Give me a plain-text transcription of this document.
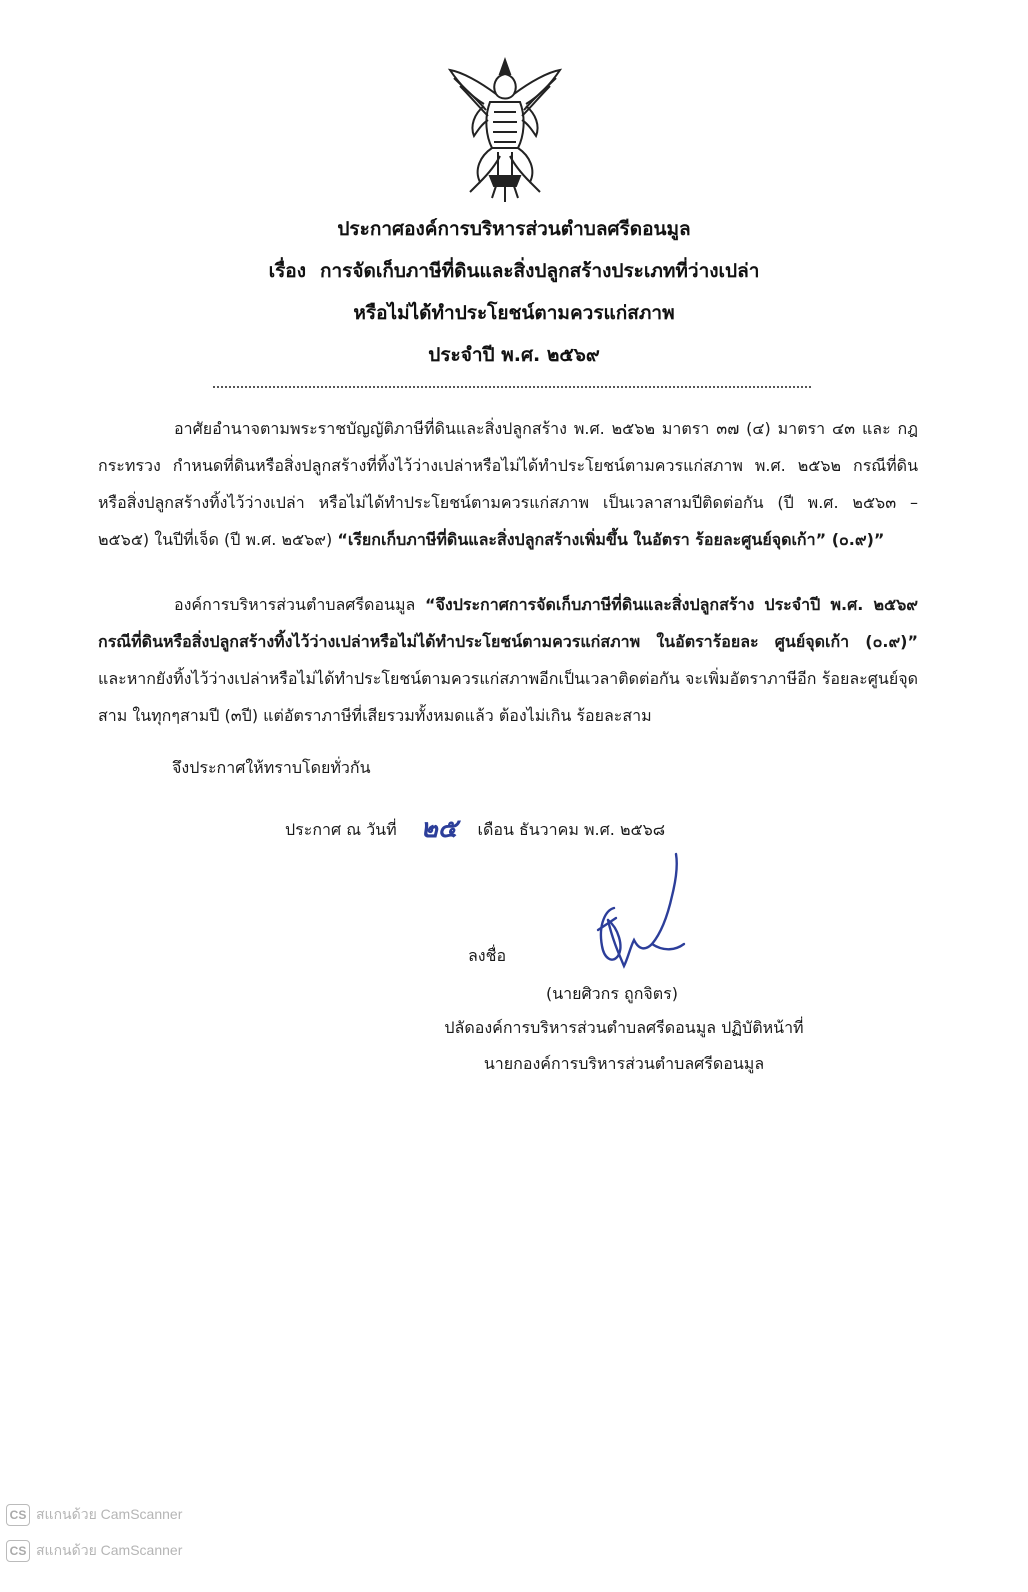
ประกาศองค์การบริหารส่วนตำบลศรีดอนมูล
เรื่อง การจัดเก็บภาษีที่ดินและสิ่งปลูกสร้างประเภทที่ว่างเปล่า
หรือไม่ได้ทำประโยชน์ตามควรแก่สภาพ
ประจำปี พ.ศ. ๒๕๖๙
อาศัยอำนาจตามพระราชบัญญัติภาษีที่ดินและสิ่งปลูกสร้าง พ.ศ. ๒๕๖๒ มาตรา ๓๗ (๔) มาตรา ๔๓ และ กฎกระทรวง กำหนดที่ดินหรือสิ่งปลูกสร้างที่ทิ้งไว้ว่างเปล่าหรือไม่ได้ทำประโยชน์ตามควรแก่สภาพ พ.ศ. ๒๕๖๒ กรณีที่ดินหรือสิ่งปลูกสร้างทิ้งไว้ว่างเปล่า หรือไม่ได้ทำประโยชน์ตามควรแก่สภาพ เป็นเวลาสามปีติดต่อกัน (ปี พ.ศ. ๒๕๖๓ – ๒๕๖๕) ในปีที่เจ็ด (ปี พ.ศ. ๒๕๖๙) “เรียกเก็บภาษีที่ดินและสิ่งปลูกสร้างเพิ่มขึ้น ในอัตรา ร้อยละศูนย์จุดเก้า” (๐.๙)”
องค์การบริหารส่วนตำบลศรีดอนมูล “จึงประกาศการจัดเก็บภาษีที่ดินและสิ่งปลูกสร้าง ประจำปี พ.ศ. ๒๕๖๙ กรณีที่ดินหรือสิ่งปลูกสร้างทิ้งไว้ว่างเปล่าหรือไม่ได้ทำประโยชน์ตามควรแก่สภาพ ในอัตราร้อยละ ศูนย์จุดเก้า (๐.๙)” และหากยังทิ้งไว้ว่างเปล่าหรือไม่ได้ทำประโยชน์ตามควรแก่สภาพอีกเป็นเวลาติดต่อกัน จะเพิ่มอัตราภาษีอีก ร้อยละศูนย์จุดสาม ในทุกๆสามปี (๓ปี) แต่อัตราภาษีที่เสียรวมทั้งหมดแล้ว ต้องไม่เกิน ร้อยละสาม
จึงประกาศให้ทราบโดยทั่วกัน
ประกาศ ณ วันที่ ๒๕ เดือน ธันวาคม พ.ศ. ๒๕๖๘
ลงชื่อ
(นายศิวกร ถูกจิตร)
ปลัดองค์การบริหารส่วนตำบลศรีดอนมูล ปฏิบัติหน้าที่
นายกองค์การบริหารส่วนตำบลศรีดอนมูล
CS สแกนด้วย CamScanner
CS สแกนด้วย CamScanner
